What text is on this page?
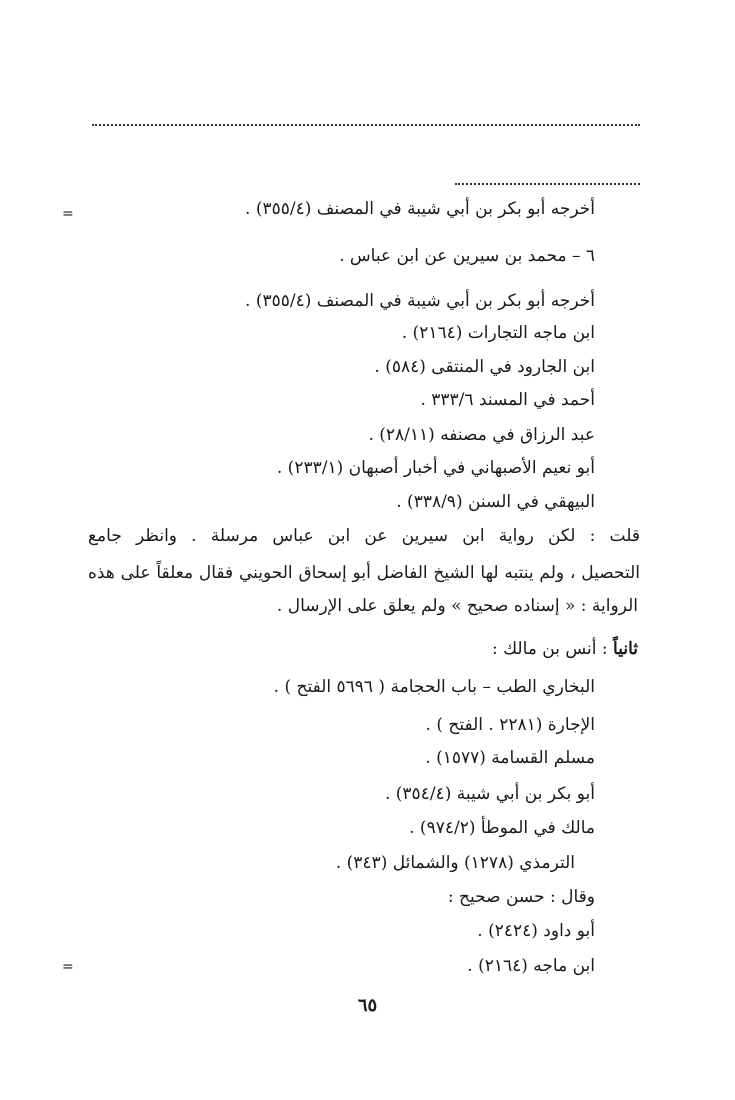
=	أخرجه أبو بكر بن أبي شيبة في المصنف (٣٥٥/٤) .
٦ – محمد بن سيرين عن ابن عباس .
أخرجه أبو بكر بن أبي شيبة في المصنف (٣٥٥/٤) .
ابن ماجه التجارات (٢١٦٤) .
ابن الجارود في المنتقى (٥٨٤) .
أحمد في المسند ٣٣٣/٦ .
عبد الرزاق في مصنفه (٢٨/١١) .
أبو نعيم الأصبهاني في أخبار أصبهان (٢٣٣/١) .
البيهقي في السنن (٣٣٨/٩) .
قلت : لكن رواية ابن سيرين عن ابن عباس مرسلة . وانظر جامع
التحصيل ، ولم ينتبه لها الشيخ الفاضل أبو إسحاق الحويني فقال معلقاً على هذه
الرواية : « إسناده صحيح » ولم يعلق على الإرسال .
ثانياً : أنس بن مالك :
البخاري الطب – باب الحجامة ( ٥٦٩٦ الفتح ) .
الإجارة (٢٢٨١ . الفتح ) .
مسلم القسامة (١٥٧٧) .
أبو بكر بن أبي شيبة (٣٥٤/٤) .
مالك في الموطأ (٩٧٤/٢) .
الترمذي (١٢٧٨) والشمائل (٣٤٣) .
وقال : حسن صحيح :
أبو داود (٢٤٢٤) .
ابن ماجه (٢١٦٤) .
=
٦٥
